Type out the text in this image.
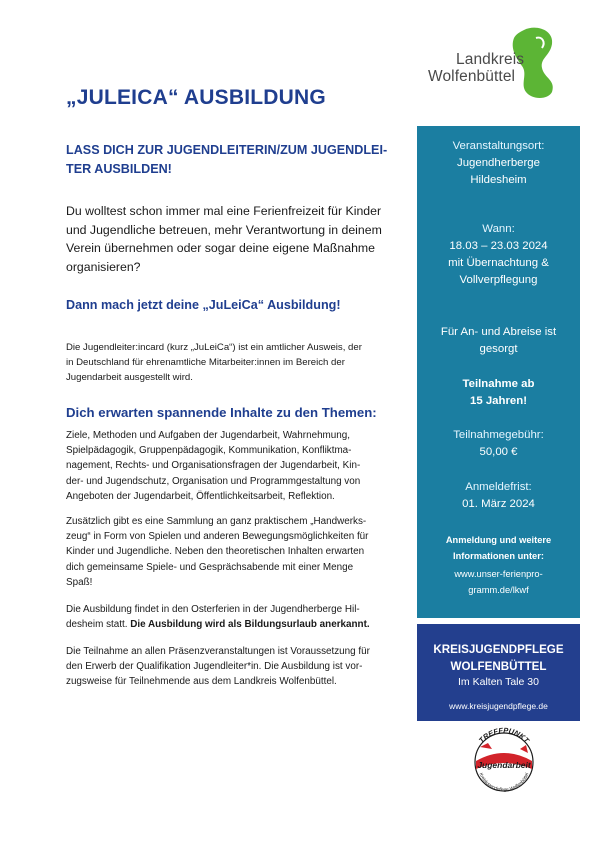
Landkreis
Wolfenbüttel
„JULEICA“ AUSBILDUNG
LASS DICH ZUR JUGENDLEITERIN/ZUM JUGENDLEI-
TER AUSBILDEN!
Du wolltest schon immer mal eine Ferienfreizeit für Kinder
und Jugendliche betreuen, mehr Verantwortung in deinem
Verein übernehmen oder sogar deine eigene Maßnahme
organisieren?
Dann mach jetzt deine „JuLeiCa“ Ausbildung!
Die Jugendleiter:incard (kurz „JuLeiCa“) ist ein amtlicher Ausweis, der
in Deutschland für ehrenamtliche Mitarbeiter:innen im Bereich der
Jugendarbeit ausgestellt wird.
Dich erwarten spannende Inhalte zu den Themen:
Ziele, Methoden und Aufgaben der Jugendarbeit, Wahrnehmung,
Spielpädagogik, Gruppenpädagogik, Kommunikation, Konfliktma-
nagement, Rechts- und Organisationsfragen der Jugendarbeit, Kin-
der- und Jugendschutz, Organisation und Programmgestaltung von
Angeboten der Jugendarbeit, Öffentlichkeitsarbeit, Reflektion.
Zusätzlich gibt es eine Sammlung an ganz praktischem „Handwerks-
zeug“ in Form von Spielen und anderen Bewegungsmöglichkeiten für
Kinder und Jugendliche. Neben den theoretischen Inhalten erwarten
dich gemeinsame Spiele- und Gesprächsabende mit einer Menge
Spaß!
Die Ausbildung findet in den Osterferien in der Jugendherberge Hil-
desheim statt. Die Ausbildung wird als Bildungsurlaub anerkannt.
Die Teilnahme an allen Präsenzveranstaltungen ist Voraussetzung für
den Erwerb der Qualifikation Jugendleiter*in. Die Ausbildung ist vor-
zugsweise für Teilnehmende aus dem Landkreis Wolfenbüttel.
Veranstaltungsort:
Jugendherberge
Hildesheim
Wann:
18.03 – 23.03 2024
mit Übernachtung &
Vollverpflegung
Für An- und Abreise ist
gesorgt
Teilnahme ab
15 Jahren!
Teilnahmegebühr:
50,00 €
Anmeldefrist:
01. März 2024
Anmeldung und weitere
Informationen unter:
www.unser-ferienpro-
gramm.de/lkwf
KREISJUGENDPFLEGE
WOLFENBÜTTEL
Im Kalten Tale 30
www.kreisjugendpflege.de
TREFFPUNKT
Jugendarbeit
Kreisjugendpflege Wolfenbüttel
